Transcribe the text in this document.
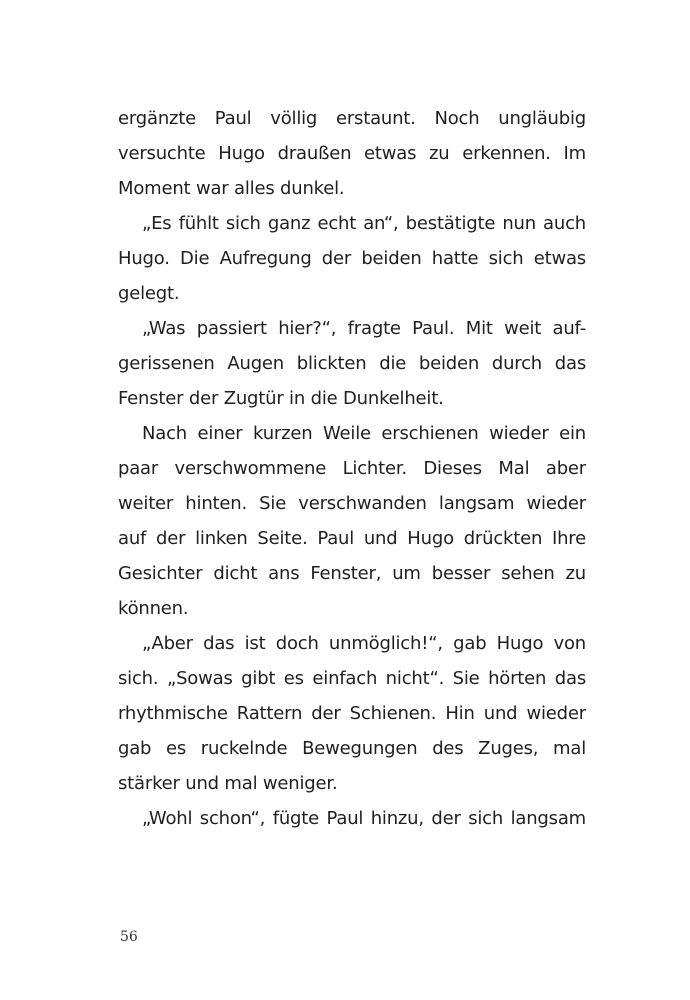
ergänzte Paul völlig erstaunt. Noch ungläubig
versuchte Hugo draußen etwas zu erkennen. Im
Moment war alles dunkel.
„Es fühlt sich ganz echt an“, bestätigte nun auch
Hugo. Die Aufregung der beiden hatte sich etwas
gelegt.
„Was passiert hier?“, fragte Paul. Mit weit auf-
gerissenen Augen blickten die beiden durch das
Fenster der Zugtür in die Dunkelheit.
Nach einer kurzen Weile erschienen wieder ein
paar verschwommene Lichter. Dieses Mal aber
weiter hinten. Sie verschwanden langsam wieder
auf der linken Seite. Paul und Hugo drückten Ihre
Gesichter dicht ans Fenster, um besser sehen zu
können.
„Aber das ist doch unmöglich!“, gab Hugo von
sich. „Sowas gibt es einfach nicht“. Sie hörten das
rhythmische Rattern der Schienen. Hin und wieder
gab es ruckelnde Bewegungen des Zuges, mal
stärker und mal weniger.
„Wohl schon“, fügte Paul hinzu, der sich langsam
56
